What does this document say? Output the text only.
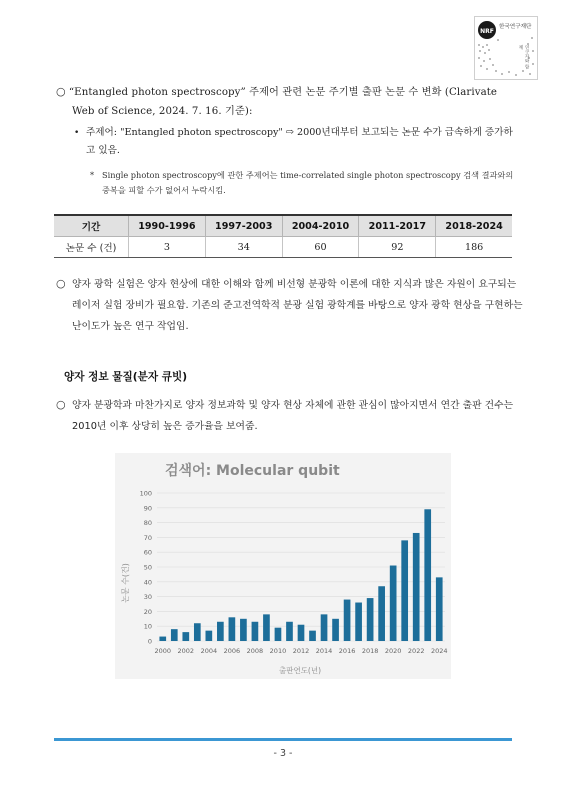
NRF
한국연구재단
연구자와 함께
○ “Entangled photon spectroscopy” 주제어 관련 논문 주기별 출판 논문 수 변화 (Clarivate Web of Science, 2024. 7. 16. 기준):
• 주제어: "Entangled photon spectroscopy" ⇨ 2000년대부터 보고되는 논문 수가 급속하게 증가하고 있음.
* Single photon spectroscopy에 관한 주제어는 time-correlated single photon spectroscopy 검색 결과와의 중복을 피할 수가 없어서 누락시킴.
기간	1990-1996	1997-2003	2004-2010	2011-2017	2018-2024
논문 수 (건)	3	34	60	92	186
○ 양자 광학 실험은 양자 현상에 대한 이해와 함께 비선형 분광학 이론에 대한 지식과 많은 자원이 요구되는 레이저 실험 장비가 필요함. 기존의 준고전역학적 분광 실험 광학계를 바탕으로 양자 광학 현상을 구현하는 난이도가 높은 연구 작업임.
양자 정보 물질(분자 큐빗)
○ 양자 분광학과 마찬가지로 양자 정보과학 및 양자 현상 자체에 관한 관심이 많아지면서 연간 출판 건수는 2010년 이후 상당히 높은 증가율을 보여줌.
검색어: Molecular qubit
0
10
20
30
40
50
60
70
80
90
100
2000 2002 2004 2006 2008 2010 2012 2014 2016 2018 2020 2022 2024
논문 수(건)
출판연도(년)
- 3 -
